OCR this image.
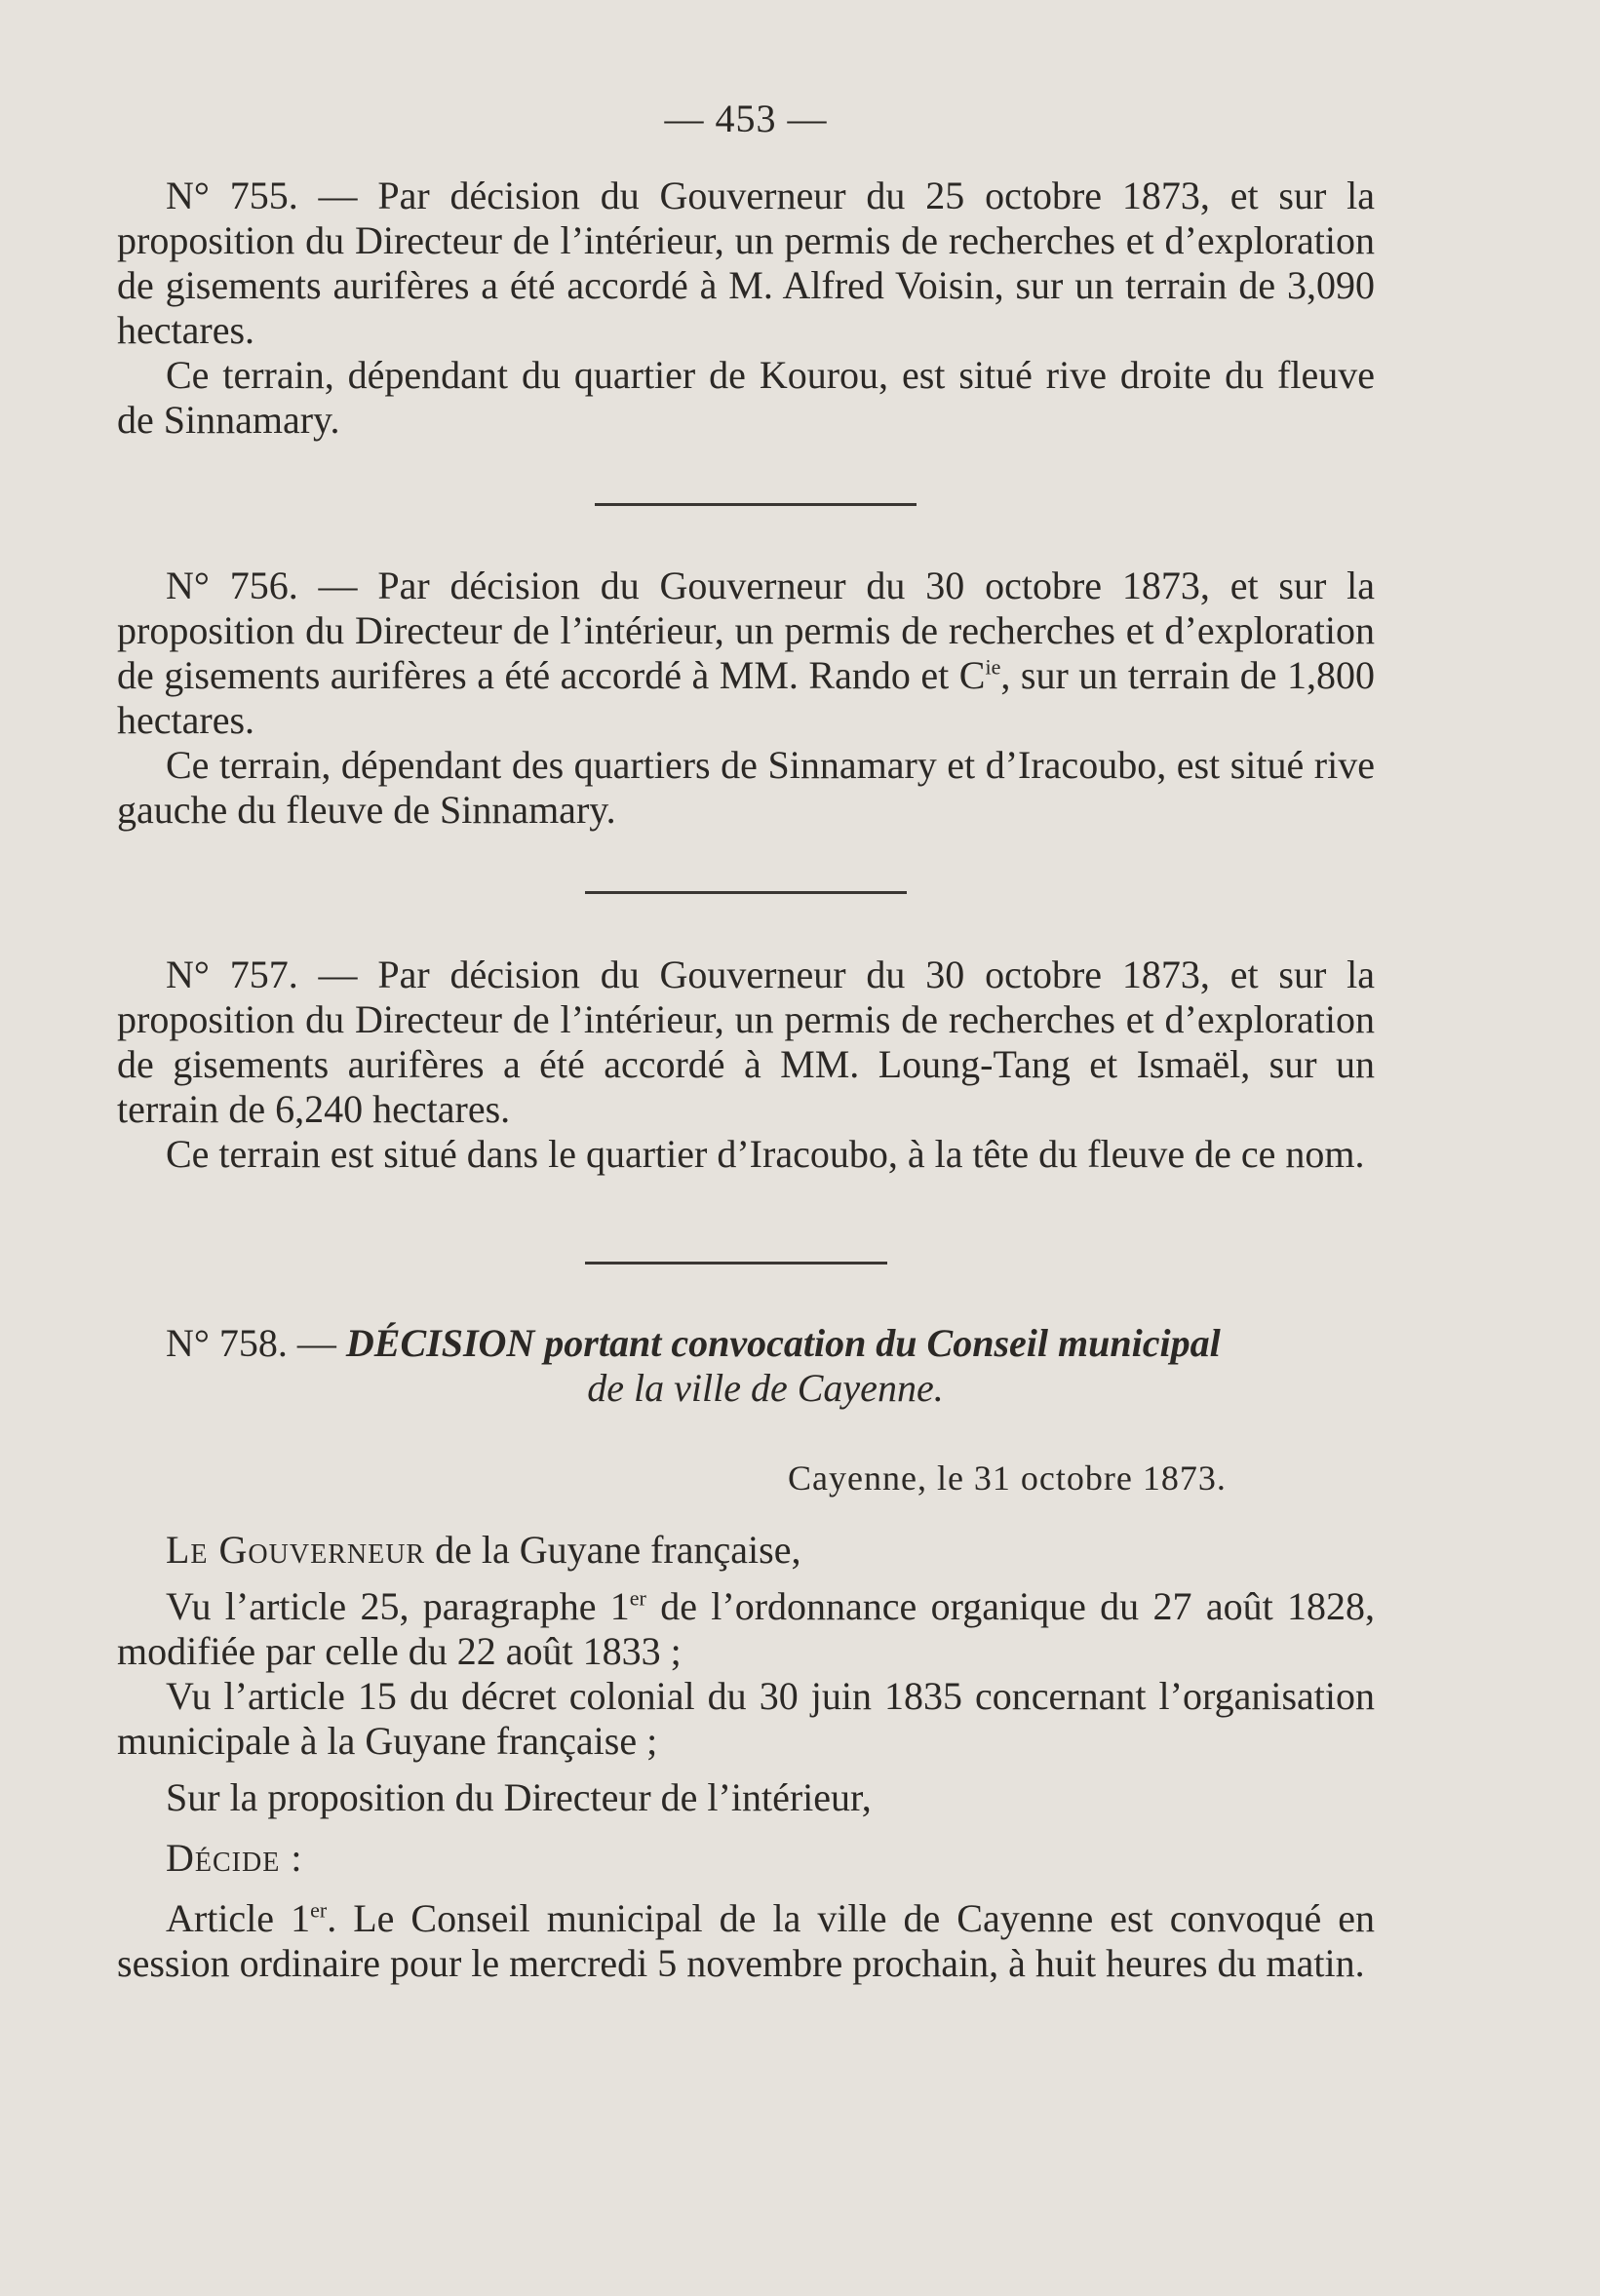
— 453 —

N° 755. — Par décision du Gouverneur du 25 octobre 1873, et sur la proposition du Directeur de l’intérieur, un permis de recherches et d’exploration de gisements aurifères a été accordé à M. Alfred Voisin, sur un terrain de 3,090 hectares.

Ce terrain, dépendant du quartier de Kourou, est situé rive droite du fleuve de Sinnamary.

N° 756. — Par décision du Gouverneur du 30 octobre 1873, et sur la proposition du Directeur de l’intérieur, un permis de recherches et d’exploration de gisements aurifères a été accordé à MM. Rando et $C^{ie}$, sur un terrain de 1,800 hectares.

Ce terrain, dépendant des quartiers de Sinnamary et d’Iracoubo, est situé rive gauche du fleuve de Sinnamary.

N° 757. — Par décision du Gouverneur du 30 octobre 1873, et sur la proposition du Directeur de l’intérieur, un permis de recherches et d’exploration de gisements aurifères a été accordé à MM. Loung-Tang et Ismaël, sur un terrain de 6,240 hectares.

Ce terrain est situé dans le quartier d’Iracoubo, à la tête du fleuve de ce nom.

N° 758. — DÉCISION portant convocation du Conseil municipal

de la ville de Cayenne.
Cayenne, le 31 octobre 1873.

Le Gouverneur de la Guyane française,

Vu l’article 25, paragraphe 1er de l’ordonnance organique du 27 août 1828, modifiée par celle du 22 août 1833 ;

Vu l’article 15 du décret colonial du 30 juin 1835 concernant l’organisation municipale à la Guyane française ;

Sur la proposition du Directeur de l’intérieur,

Décide :

Article 1er. Le Conseil municipal de la ville de Cayenne est convoqué en session ordinaire pour le mercredi 5 novembre prochain, à huit heures du matin.
